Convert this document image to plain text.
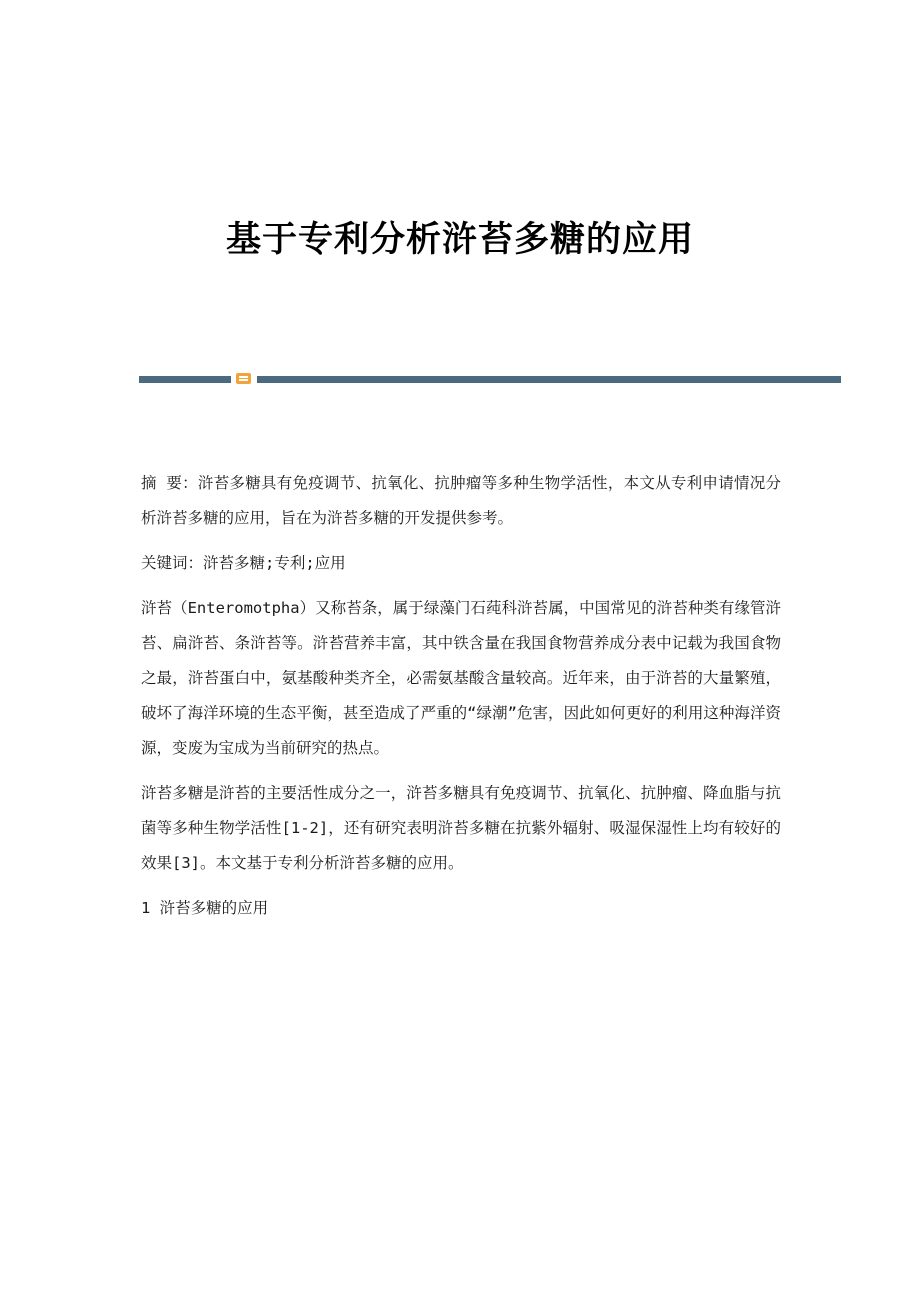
基于专利分析浒苔多糖的应用

摘 要：浒苔多糖具有免疫调节、抗氧化、抗肿瘤等多种生物学活性，本文从专利申请情况分析浒苔多糖的应用，旨在为浒苔多糖的开发提供参考。

关键词：浒苔多糖;专利;应用

浒苔（Enteromotpha）又称苔条，属于绿藻门石莼科浒苔属，中国常见的浒苔种类有缘管浒苔、扁浒苔、条浒苔等。浒苔营养丰富，其中铁含量在我国食物营养成分表中记载为我国食物之最，浒苔蛋白中，氨基酸种类齐全，必需氨基酸含量较高。近年来，由于浒苔的大量繁殖，破坏了海洋环境的生态平衡，甚至造成了严重的“绿潮”危害，因此如何更好的利用这种海洋资源，变废为宝成为当前研究的热点。

浒苔多糖是浒苔的主要活性成分之一，浒苔多糖具有免疫调节、抗氧化、抗肿瘤、降血脂与抗菌等多种生物学活性[1-2]，还有研究表明浒苔多糖在抗紫外辐射、吸湿保湿性上均有较好的效果[3]。本文基于专利分析浒苔多糖的应用。

1 浒苔多糖的应用
